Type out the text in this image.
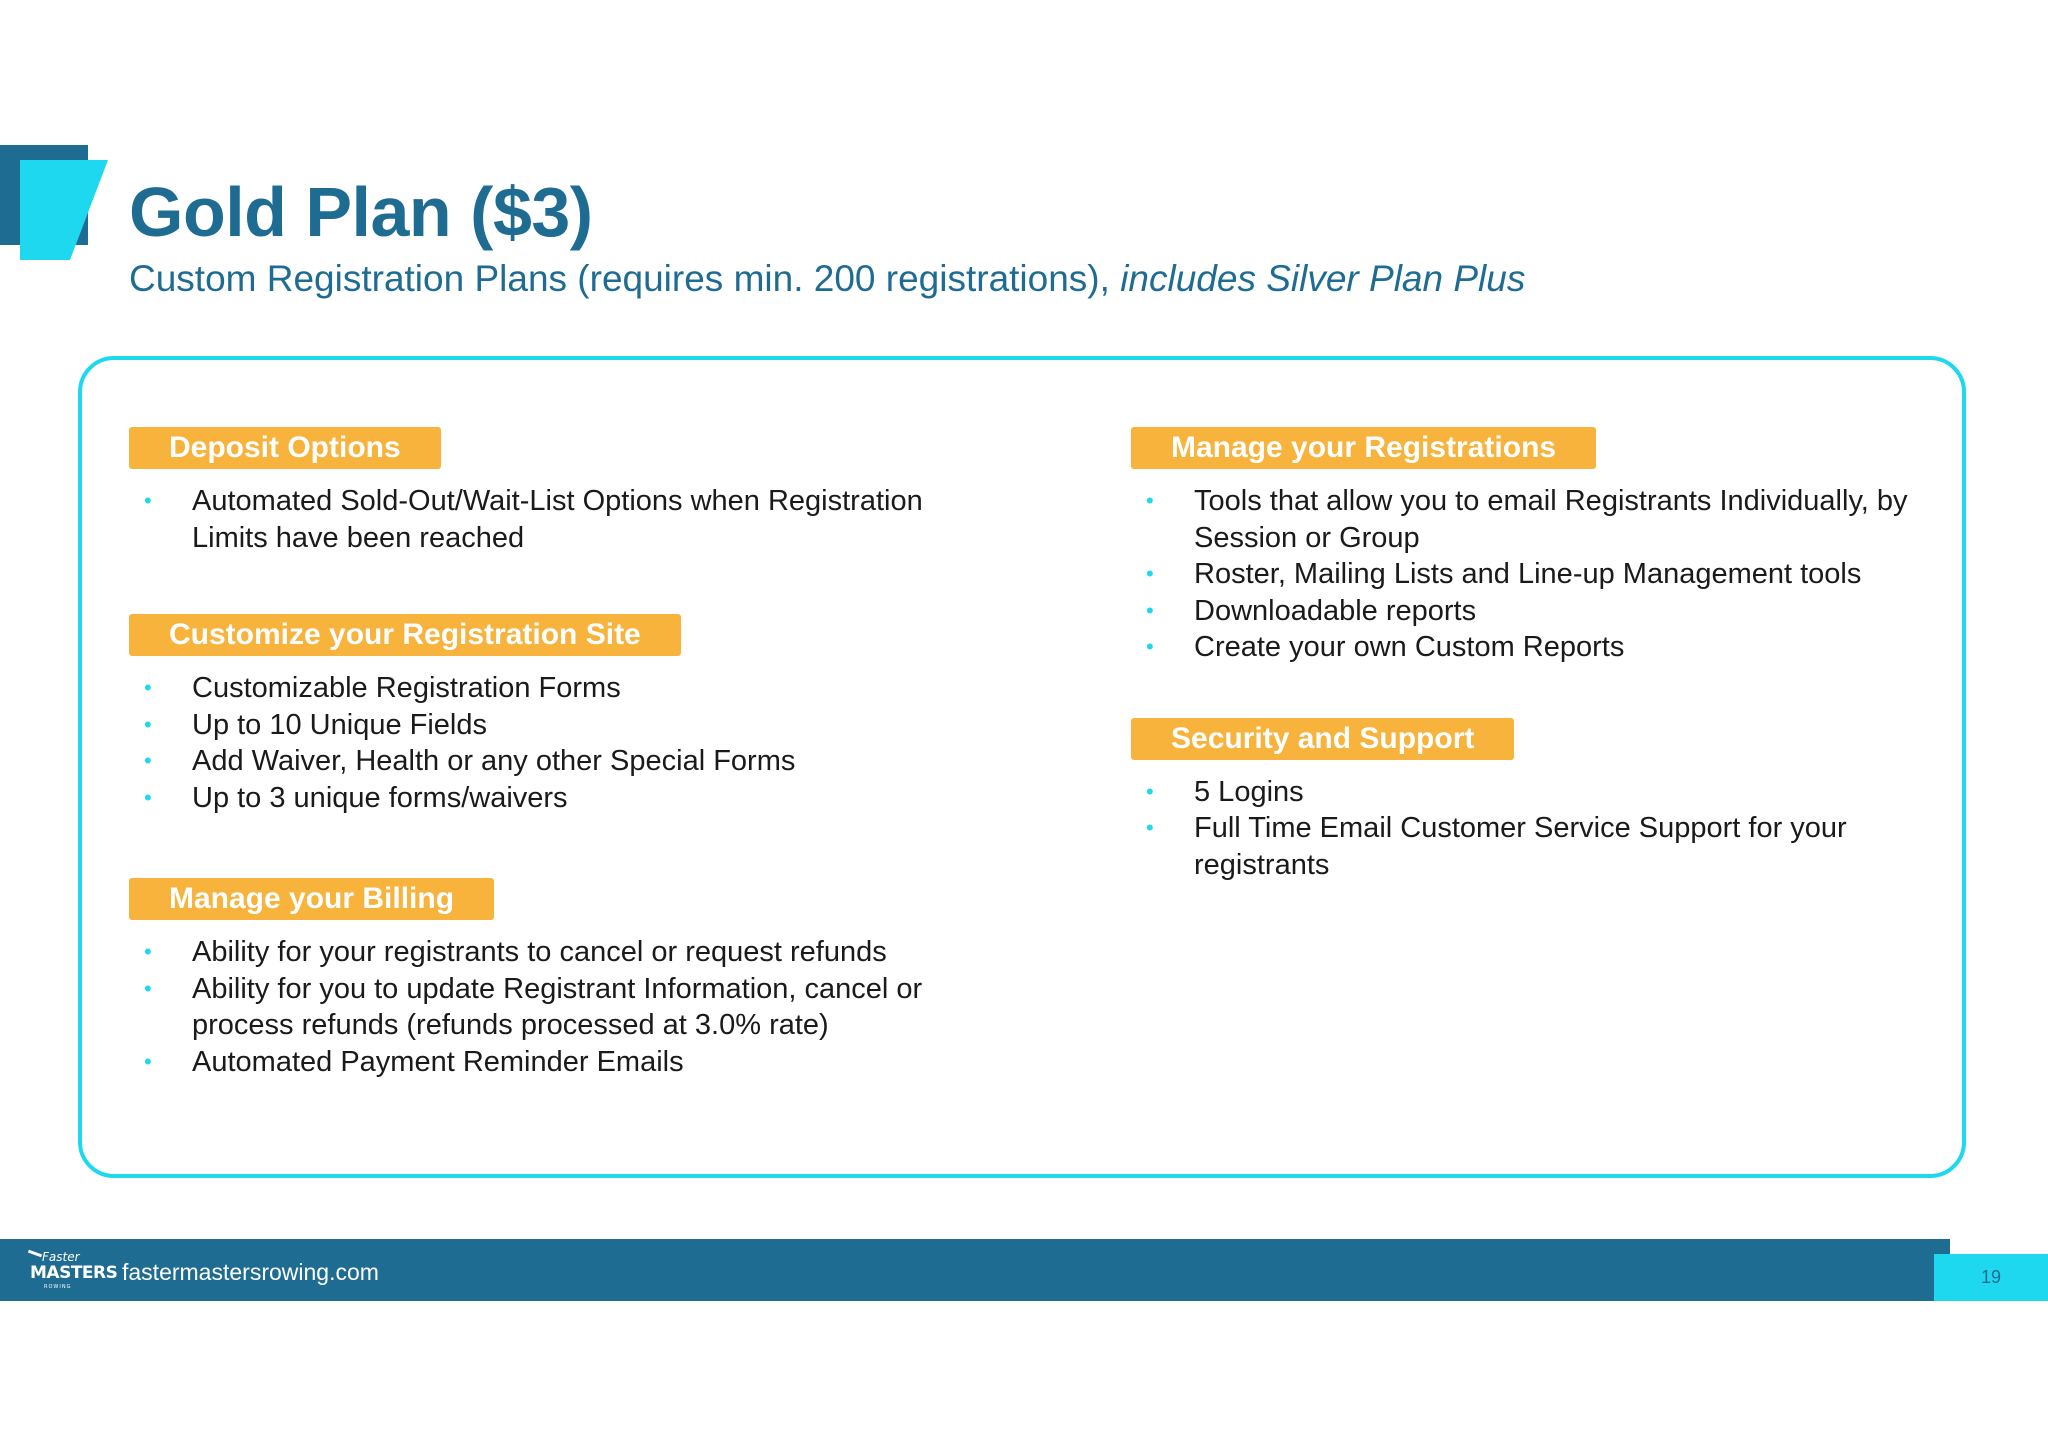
Gold Plan ($3)

Custom Registration Plans (requires min. 200 registrations), includes Silver Plan Plus

Deposit Options
• Automated Sold-Out/Wait-List Options when Registration Limits have been reached
Customize your Registration Site
• Customizable Registration Forms
• Up to 10 Unique Fields
• Add Waiver, Health or any other Special Forms
• Up to 3 unique forms/waivers
Manage your Billing
• Ability for your registrants to cancel or request refunds
• Ability for you to update Registrant Information, cancel or process refunds (refunds processed at 3.0% rate)
• Automated Payment Reminder Emails
Manage your Registrations
• Tools that allow you to email Registrants Individually, by Session or Group
• Roster, Mailing Lists and Line-up Management tools
• Downloadable reports
• Create your own Custom Reports
Security and Support
• 5 Logins
• Full Time Email Customer Service Support for your registrants
Faster
MASTERS
ROWING
fastermastersrowing.com	19
